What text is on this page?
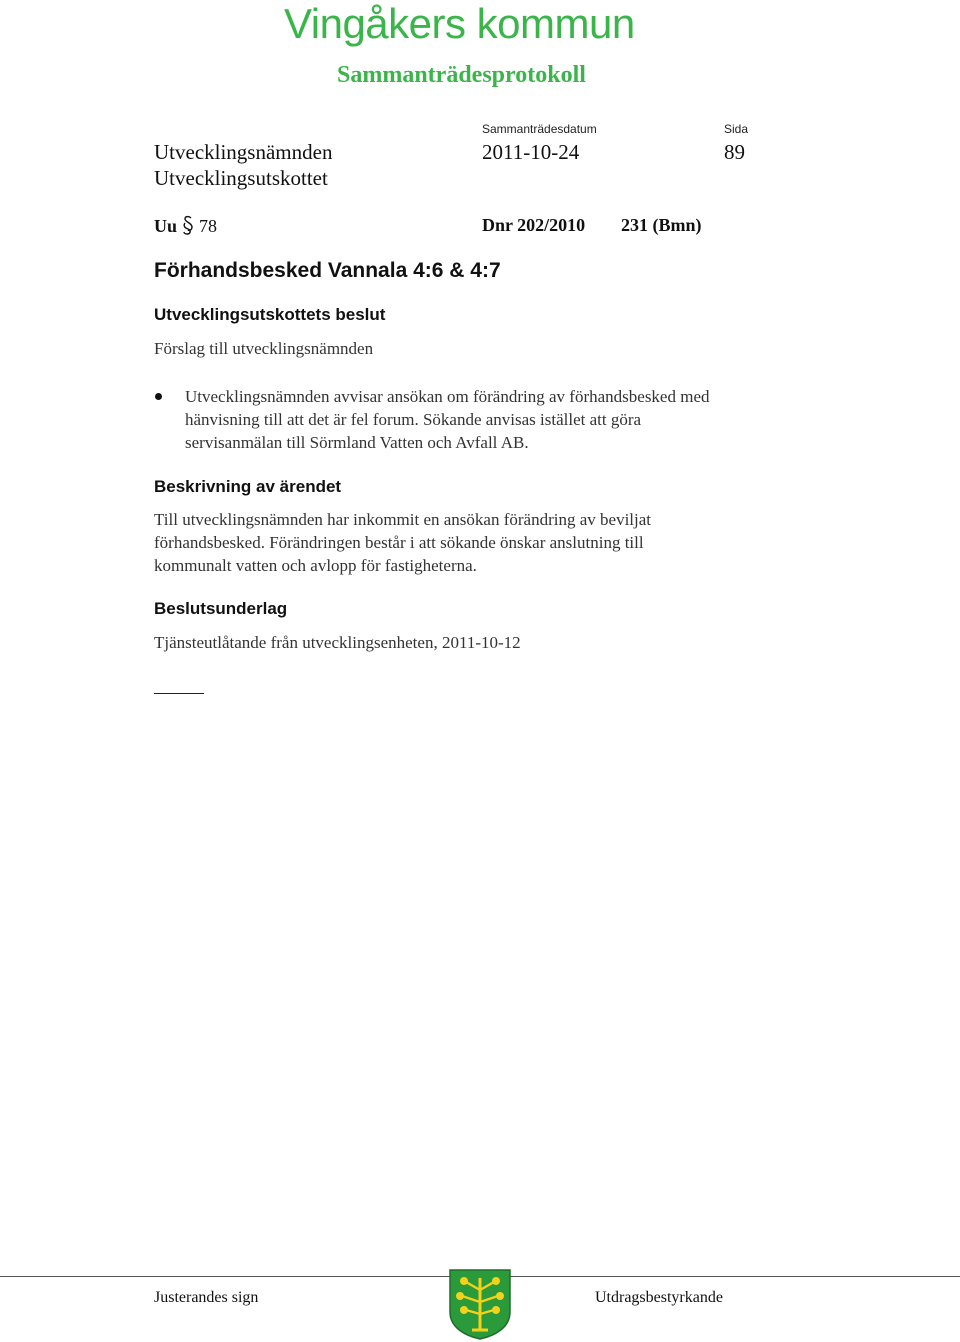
Vingåkers kommun
Sammanträdesprotokoll
Sammanträdesdatum	Sida
Utvecklingsnämnden
Utvecklingsutskottet
2011-10-24	89
Uu 78	Dnr 202/2010 231 (Bmn)
Förhandsbesked Vannala 4:6 & 4:7
Utvecklingsutskottets beslut
Förslag till utvecklingsnämnden
Utvecklingsnämnden avvisar ansökan om förändring av förhandsbesked med
hänvisning till att det är fel forum. Sökande anvisas istället att göra
servisanmälan till Sörmland Vatten och Avfall AB.
Beskrivning av ärendet
Till utvecklingsnämnden har inkommit en ansökan förändring av beviljat
förhandsbesked. Förändringen består i att sökande önskar anslutning till
kommunalt vatten och avlopp för fastigheterna.
Beslutsunderlag
Tjänsteutlåtande från utvecklingsenheten, 2011-10-12
Justerandes sign	Utdragsbestyrkande
